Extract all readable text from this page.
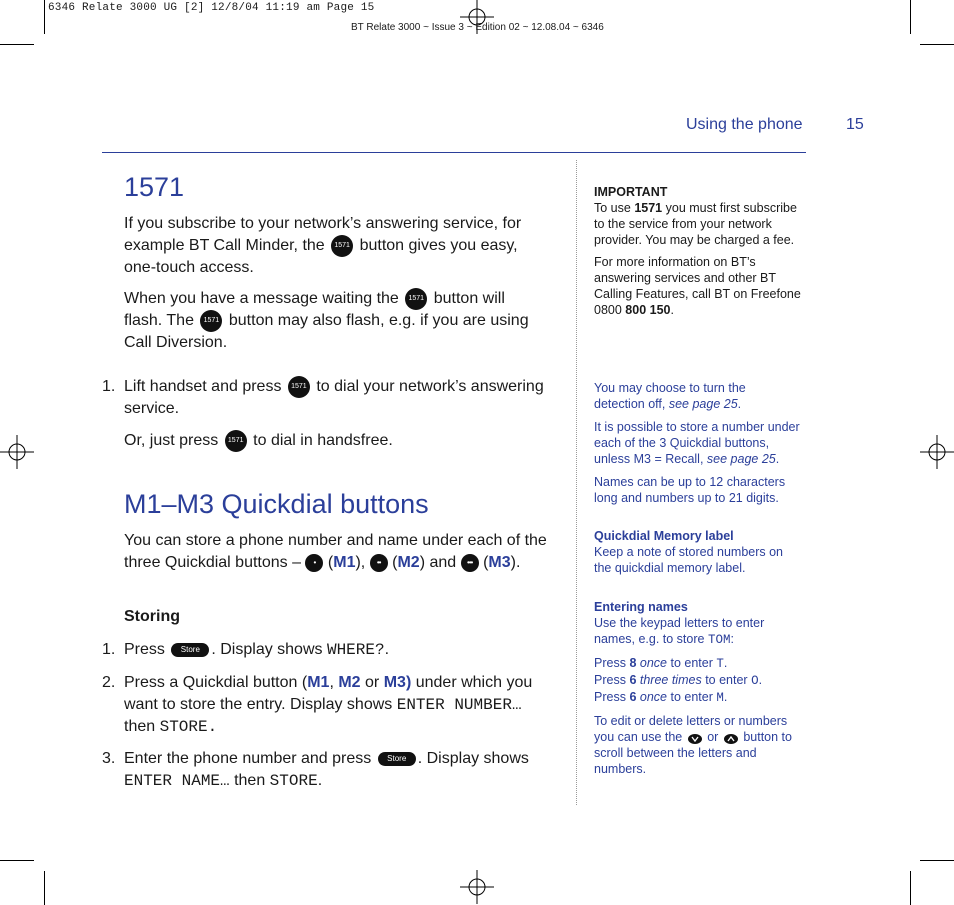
6346 Relate 3000 UG [2] 12/8/04 11:19 am Page 15
BT Relate 3000 ~ Issue 3 ~ Edition 02 ~ 12.08.04 ~ 6346
Using the phone	15
1571
If you subscribe to your network’s answering service, for
example BT Call Minder, the 1571 button gives you easy,
one-touch access.
When you have a message waiting the 1571 button will
flash. The 1571 button may also flash, e.g. if you are using
Call Diversion.
1. Lift handset and press 1571 to dial your network’s answering
service.
Or, just press 1571 to dial in handsfree.
M1–M3 Quickdial buttons
You can store a phone number and name under each of the
three Quickdial buttons – • (M1), •• (M2) and ••• (M3).
Storing
1. Press Store . Display shows WHERE?.
2. Press a Quickdial button (M1, M2 or M3) under which you
want to store the entry. Display shows ENTER NUMBER…
then STORE.
3. Enter the phone number and press Store . Display shows
ENTER NAME… then STORE.
IMPORTANT
To use 1571 you must first subscribe
to the service from your network
provider. You may be charged a fee.
For more information on BT’s
answering services and other BT
Calling Features, call BT on Freefone
0800 800 150.
You may choose to turn the
detection off, see page 25.
It is possible to store a number under
each of the 3 Quickdial buttons,
unless M3 = Recall, see page 25.
Names can be up to 12 characters
long and numbers up to 21 digits.
Quickdial Memory label
Keep a note of stored numbers on
the quickdial memory label.
Entering names
Use the keypad letters to enter
names, e.g. to store TOM:
Press 8 once to enter T.
Press 6 three times to enter O.
Press 6 once to enter M.
To edit or delete letters or numbers
you can use the or button to
scroll between the letters and
numbers.
